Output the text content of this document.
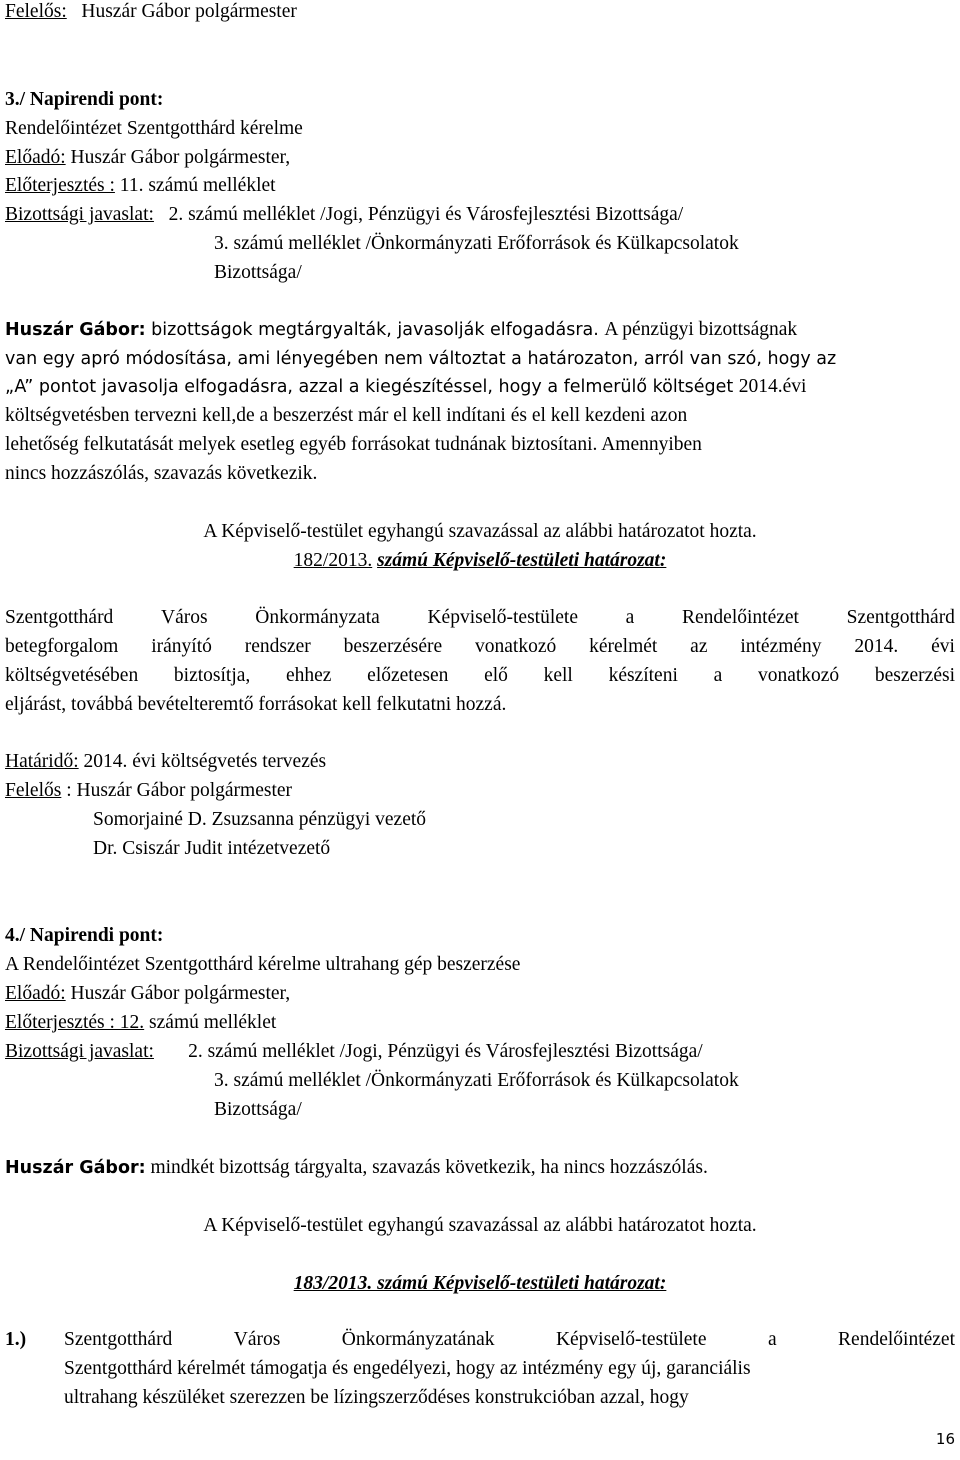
Felelős: Huszár Gábor polgármester
3./ Napirendi pont:
Rendelőintézet Szentgotthárd kérelme
Előadó: Huszár Gábor polgármester,
Előterjesztés : 11. számú melléklet
Bizottsági javaslat: 2. számú melléklet /Jogi, Pénzügyi és Városfejlesztési Bizottsága/
3. számú melléklet /Önkormányzati Erőforrások és Külkapcsolatok
Bizottsága/
Huszár Gábor: bizottságok megtárgyalták, javasolják elfogadásra. A pénzügyi bizottságnak
van egy apró módosítása, ami lényegében nem változtat a határozaton, arról van szó, hogy az
„A” pontot javasolja elfogadásra, azzal a kiegészítéssel, hogy a felmerülő költséget 2014.évi
költségvetésben tervezni kell,de a beszerzést már el kell indítani és el kell kezdeni azon
lehetőség felkutatását melyek esetleg egyéb forrásokat tudnának biztosítani. Amennyiben
nincs hozzászólás, szavazás következik.
A Képviselő-testület egyhangú szavazással az alábbi határozatot hozta.
182/2013. számú Képviselő-testületi határozat:
Szentgotthárd Város Önkormányzata Képviselő-testülete a Rendelőintézet Szentgotthárd
betegforgalom irányító rendszer beszerzésére vonatkozó kérelmét az intézmény 2014. évi
költségvetésében biztosítja, ehhez előzetesen elő kell készíteni a vonatkozó beszerzési
eljárást, továbbá bevételteremtő forrásokat kell felkutatni hozzá.
Határidő: 2014. évi költségvetés tervezés
Felelős : Huszár Gábor polgármester
Somorjainé D. Zsuzsanna pénzügyi vezető
Dr. Csiszár Judit intézetvezető
4./ Napirendi pont:
A Rendelőintézet Szentgotthárd kérelme ultrahang gép beszerzése
Előadó: Huszár Gábor polgármester,
Előterjesztés : 12. számú melléklet
Bizottsági javaslat: 2. számú melléklet /Jogi, Pénzügyi és Városfejlesztési Bizottsága/
3. számú melléklet /Önkormányzati Erőforrások és Külkapcsolatok
Bizottsága/
Huszár Gábor: mindkét bizottság tárgyalta, szavazás következik, ha nincs hozzászólás.
A Képviselő-testület egyhangú szavazással az alábbi határozatot hozta.
183/2013. számú Képviselő-testületi határozat:
1.) Szentgotthárd	Város	Önkormányzatának	Képviselő-testülete	a	Rendelőintézet
Szentgotthárd kérelmét támogatja és engedélyezi, hogy az intézmény egy új, garanciális
ultrahang készüléket szerezzen be lízingszerződéses konstrukcióban azzal, hogy
16
